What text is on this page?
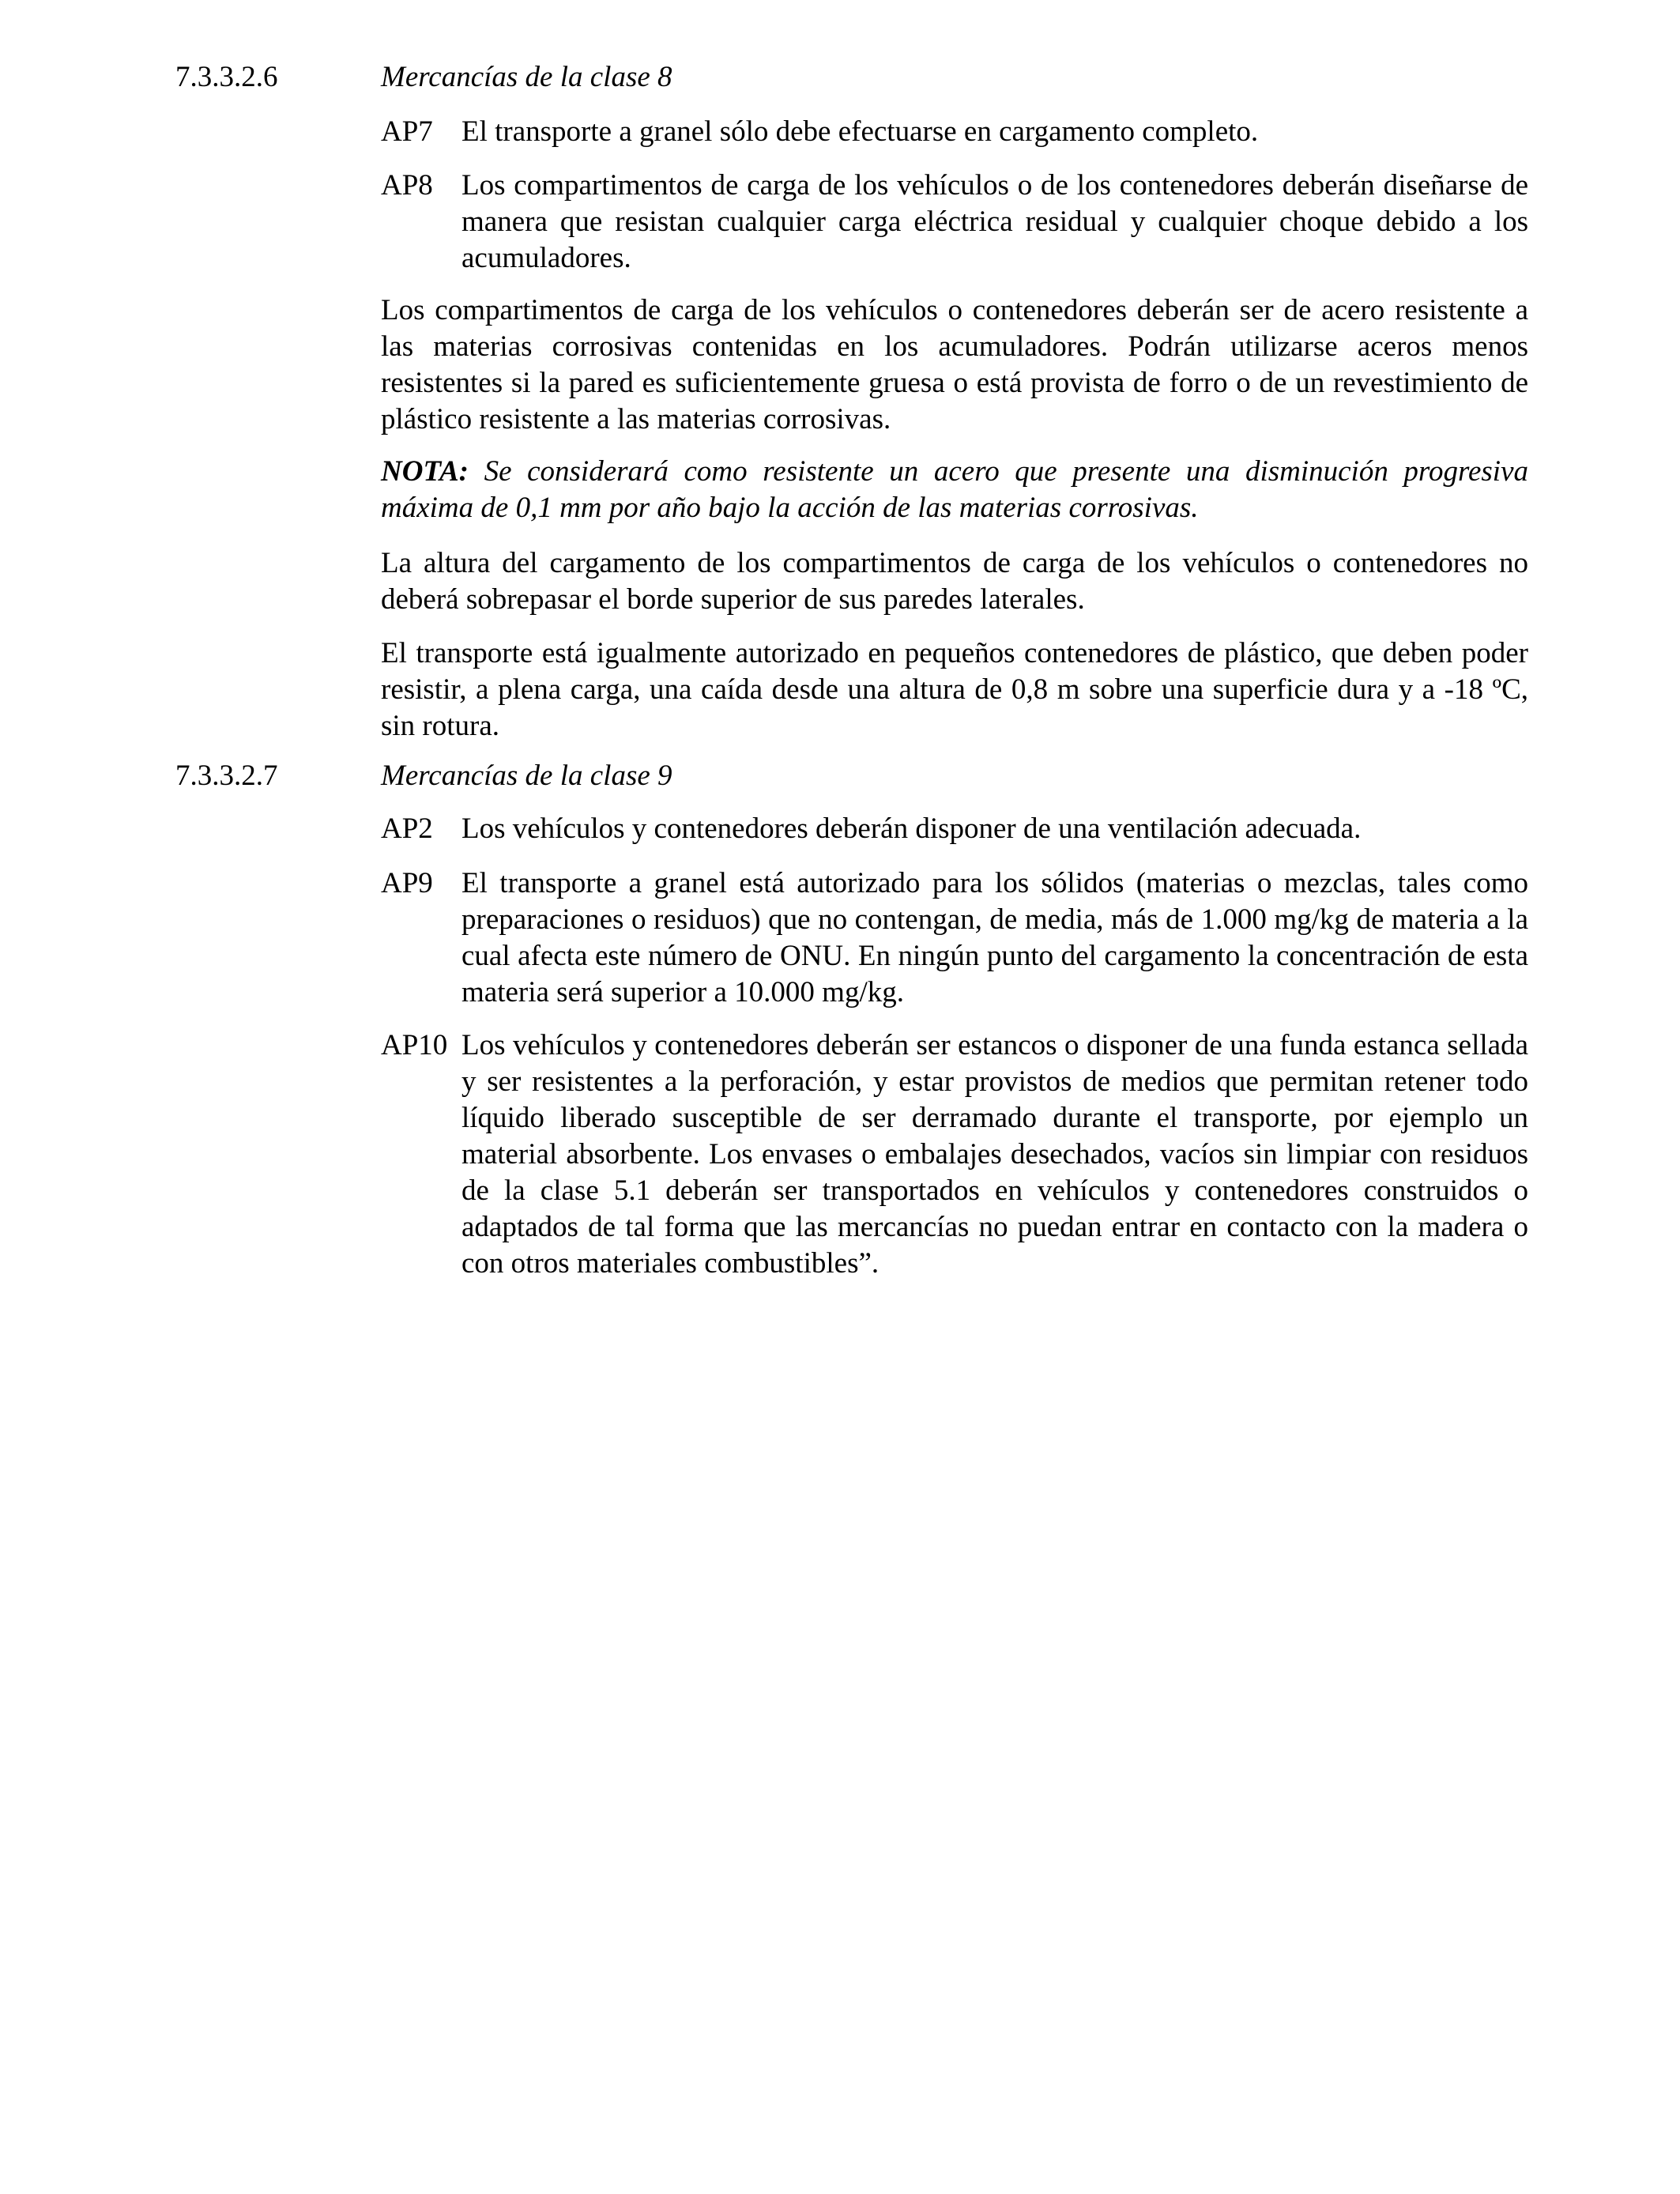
7.3.3.2.6	Mercancías de la clase 8
AP7 El transporte a granel sólo debe efectuarse en cargamento completo.
AP8 Los compartimentos de carga de los vehículos o de los contenedores deberán diseñarse de manera que resistan cualquier carga eléctrica residual y cualquier choque debido a los acumuladores.
Los compartimentos de carga de los vehículos o contenedores deberán ser de acero resistente a las materias corrosivas contenidas en los acumuladores. Podrán utilizarse aceros menos resistentes si la pared es suficientemente gruesa o está provista de forro o de un revestimiento de plástico resistente a las materias corrosivas.
NOTA: Se considerará como resistente un acero que presente una disminución progresiva máxima de 0,1 mm por año bajo la acción de las materias corrosivas.
La altura del cargamento de los compartimentos de carga de los vehículos o contenedores no deberá sobrepasar el borde superior de sus paredes laterales.
El transporte está igualmente autorizado en pequeños contenedores de plástico, que deben poder resistir, a plena carga, una caída desde una altura de 0,8 m sobre una superficie dura y a -18 ºC, sin rotura.
7.3.3.2.7	Mercancías de la clase 9
AP2 Los vehículos y contenedores deberán disponer de una ventilación adecuada.
AP9 El transporte a granel está autorizado para los sólidos (materias o mezclas, tales como preparaciones o residuos) que no contengan, de media, más de 1.000 mg/kg de materia a la cual afecta este número de ONU. En ningún punto del cargamento la concentración de esta materia será superior a 10.000 mg/kg.
AP10 Los vehículos y contenedores deberán ser estancos o disponer de una funda estanca sellada y ser resistentes a la perforación, y estar provistos de medios que permitan retener todo líquido liberado susceptible de ser derramado durante el transporte, por ejemplo un material absorbente. Los envases o embalajes desechados, vacíos sin limpiar con residuos de la clase 5.1 deberán ser transportados en vehículos y contenedores construidos o adaptados de tal forma que las mercancías no puedan entrar en contacto con la madera o con otros materiales combustibles”.
